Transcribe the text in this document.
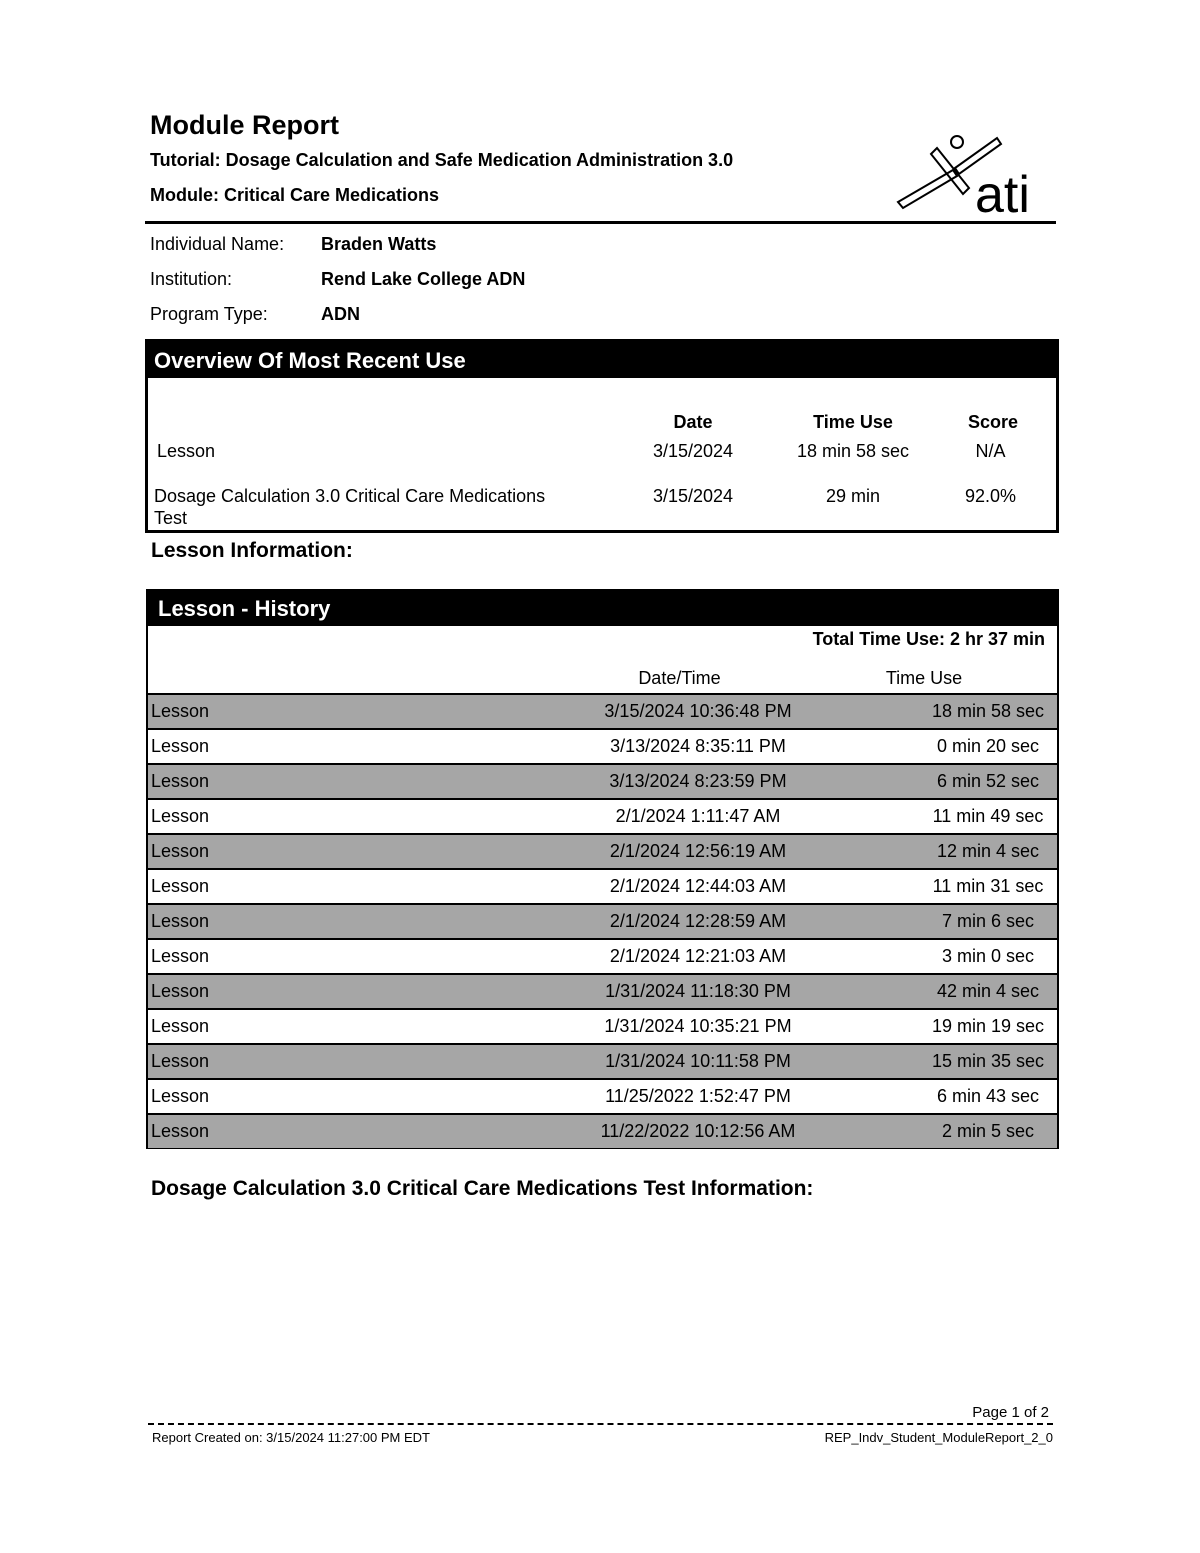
Module Report
Tutorial: Dosage Calculation and Safe Medication Administration 3.0
Module: Critical Care Medications	ati
Individual Name:	Braden Watts
Institution:	Rend Lake College ADN
Program Type:	ADN
Overview Of Most Recent Use
Date	Time Use	Score
Lesson	3/15/2024	18 min 58 sec	N/A
Dosage Calculation 3.0 Critical Care Medications
Test
3/15/2024	29 min	92.0%
Lesson Information:
Lesson - History
Total Time Use: 2 hr 37 min
Date/Time	Time Use
Lesson	3/15/2024 10:36:48 PM	18 min 58 sec
Lesson	3/13/2024 8:35:11 PM	0 min 20 sec
Lesson	3/13/2024 8:23:59 PM	6 min 52 sec
Lesson	2/1/2024 1:11:47 AM	11 min 49 sec
Lesson	2/1/2024 12:56:19 AM	12 min 4 sec
Lesson	2/1/2024 12:44:03 AM	11 min 31 sec
Lesson	2/1/2024 12:28:59 AM	7 min 6 sec
Lesson	2/1/2024 12:21:03 AM	3 min 0 sec
Lesson	1/31/2024 11:18:30 PM	42 min 4 sec
Lesson	1/31/2024 10:35:21 PM	19 min 19 sec
Lesson	1/31/2024 10:11:58 PM	15 min 35 sec
Lesson	11/25/2022 1:52:47 PM	6 min 43 sec
Lesson	11/22/2022 10:12:56 AM	2 min 5 sec
Dosage Calculation 3.0 Critical Care Medications Test Information:
Page 1 of 2
Report Created on: 3/15/2024 11:27:00 PM EDT	REP_Indv_Student_ModuleReport_2_0
